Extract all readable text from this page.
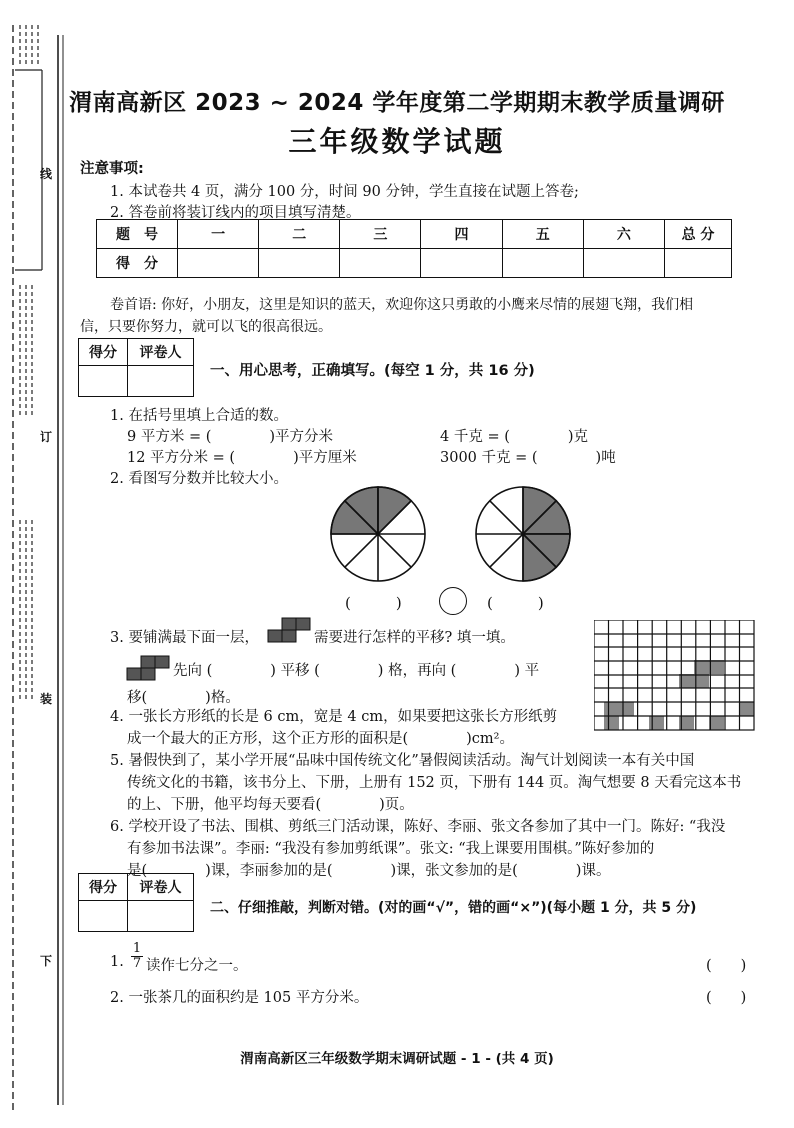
线
订
装
下
渭南高新区 2023 ~ 2024 学年度第二学期期末教学质量调研
三年级数学试题
注意事项:
1. 本试卷共 4 页，满分 100 分，时间 90 分钟，学生直接在试题上答卷;
2. 答卷前将装订线内的项目填写清楚。
题　号	一	二	三	四	五	六	总 分
得　分							
卷首语: 你好，小朋友，这里是知识的蓝天，欢迎你这只勇敢的小鹰来尽情的展翅飞翔，我们相
信，只要你努力，就可以飞的很高很远。
得分	评卷人

一、用心思考，正确填写。(每空 1 分，共 16 分)
1. 在括号里填上合适的数。
9 平方米 = (　　　　)平方分米	4 千克 = (　　　　)克
12 平方分米 = (　　　　)平方厘米	3000 千克 = (　　　　)吨
2. 看图写分数并比较大小。
(　　　)	(　　　)
3. 要铺满最下面一层，	需要进行怎样的平移? 填一填。
先向 (　　　　) 平移 (　　　　) 格，再向 (　　　　) 平
移(　　　　)格。
4. 一张长方形纸的长是 6 cm，宽是 4 cm，如果要把这张长方形纸剪
成一个最大的正方形，这个正方形的面积是(　　　　)cm²。
5. 暑假快到了，某小学开展“品味中国传统文化”暑假阅读活动。淘气计划阅读一本有关中国
传统文化的书籍，该书分上、下册，上册有 152 页，下册有 144 页。淘气想要 8 天看完这本书
的上、下册，他平均每天要看(　　　　)页。
6. 学校开设了书法、围棋、剪纸三门活动课，陈好、李丽、张文各参加了其中一门。陈好: “我没
有参加书法课”。李丽: “我没有参加剪纸课”。张文: “我上课要用围棋。”陈好参加的
是(　　　　)课，李丽参加的是(　　　　)课，张文参加的是(　　　　)课。
得分	评卷人

二、仔细推敲，判断对错。(对的画“√”，错的画“×”)(每小题 1 分，共 5 分)
1. $\frac{1}{7}$ 读作七分之一。	(　　)
2. 一张茶几的面积约是 105 平方分米。	(　　)
渭南高新区三年级数学期末调研试题 - 1 - (共 4 页)
